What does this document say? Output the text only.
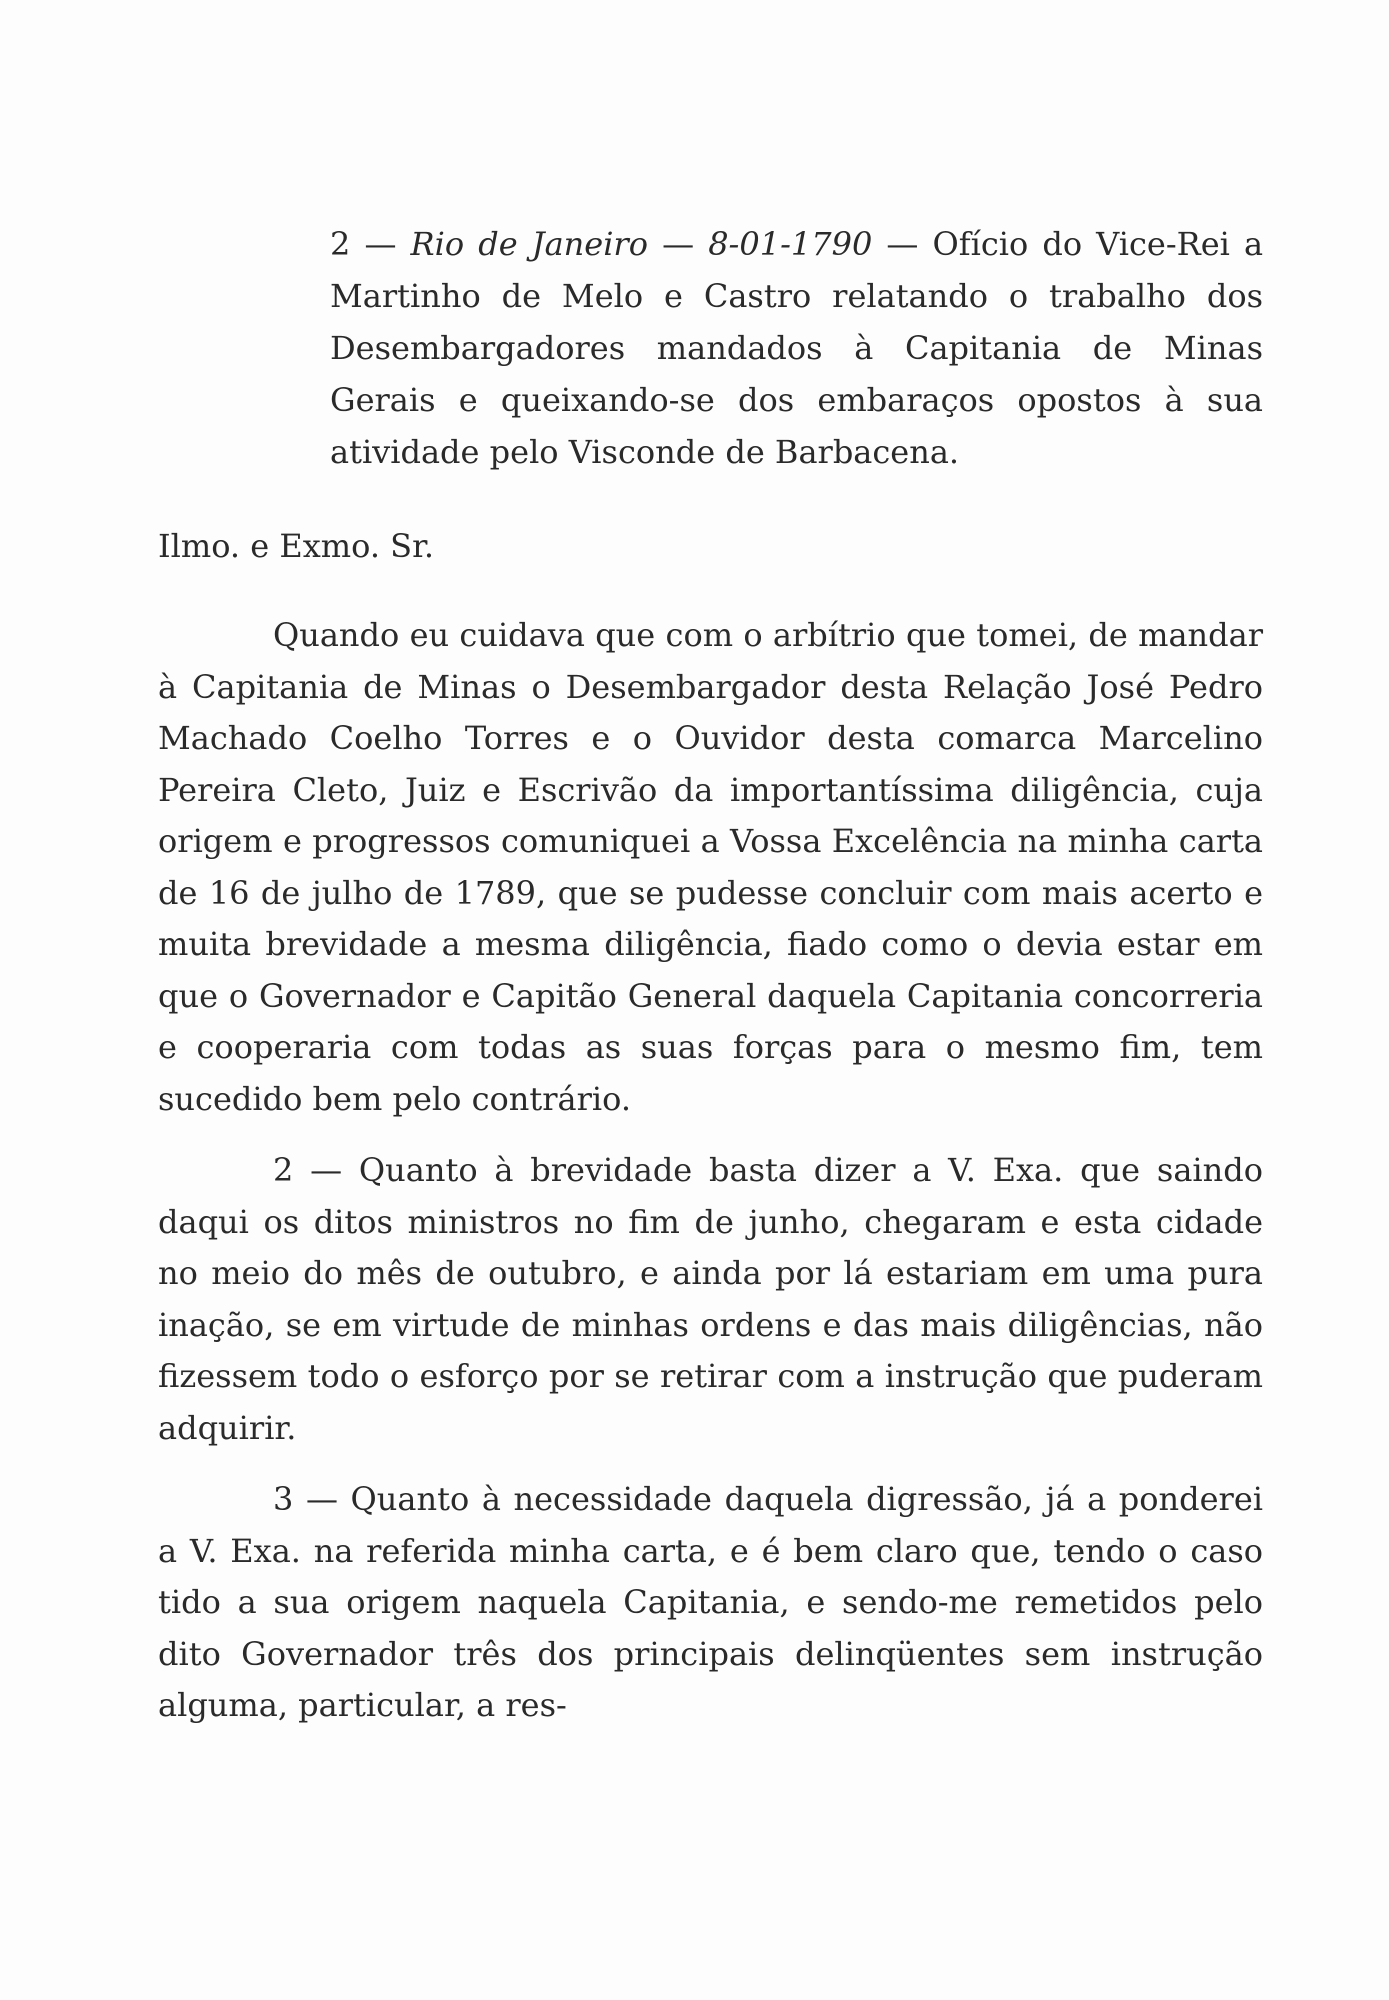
2 — Rio de Janeiro — 8-01-1790 — Ofício do Vice-Rei a Martinho de Melo e Castro relatando o trabalho dos Desembargadores mandados à Capitania de Minas Gerais e queixando-se dos embaraços opostos à sua atividade pelo Visconde de Barbacena.

Ilmo. e Exmo. Sr.

Quando eu cuidava que com o arbítrio que tomei, de mandar à Capitania de Minas o Desembargador desta Relação José Pedro Machado Coelho Torres e o Ouvidor desta comarca Marcelino Pereira Cleto, Juiz e Escrivão da importantíssima diligência, cuja origem e progressos comuniquei a Vossa Excelência na minha carta de 16 de julho de 1789, que se pudesse concluir com mais acerto e muita brevidade a mesma diligência, fiado como o devia estar em que o Governador e Capitão General daquela Capitania concorreria e cooperaria com todas as suas forças para o mesmo fim, tem sucedido bem pelo contrário.

2 — Quanto à brevidade basta dizer a V. Exa. que saindo daqui os ditos ministros no fim de junho, chegaram e esta cidade no meio do mês de outubro, e ainda por lá estariam em uma pura inação, se em virtude de minhas ordens e das mais diligências, não fizessem todo o esforço por se retirar com a instrução que puderam adquirir.

3 — Quanto à necessidade daquela digressão, já a ponderei a V. Exa. na referida minha carta, e é bem claro que, tendo o caso tido a sua origem naquela Capitania, e sendo-me remetidos pelo dito Governador três dos principais delinqüentes sem instrução alguma, particular, a res-
